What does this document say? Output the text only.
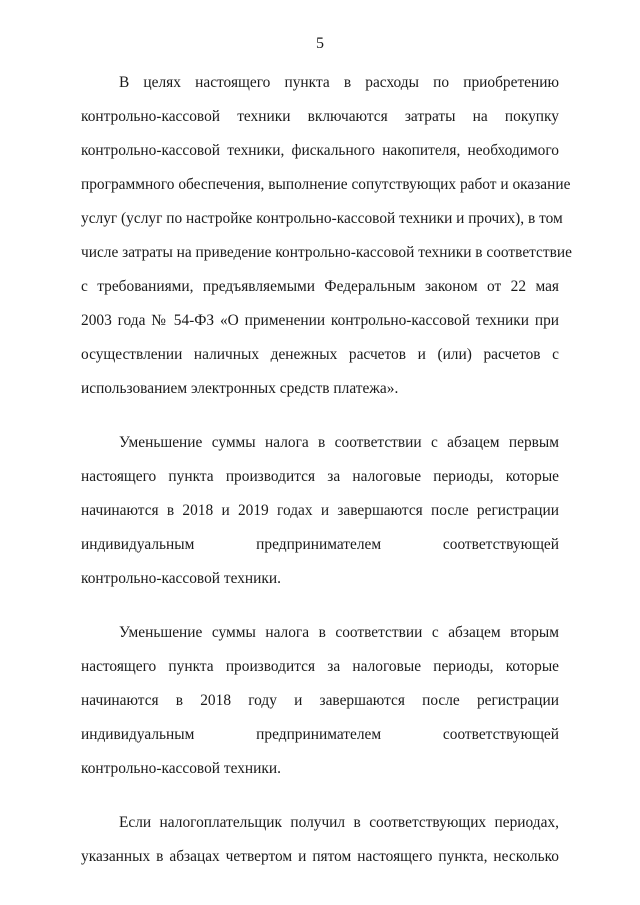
5
В целях настоящего пункта в расходы по приобретению
контрольно-кассовой техники включаются затраты на покупку
контрольно-кассовой техники, фискального накопителя, необходимого
программного обеспечения, выполнение сопутствующих работ и оказание
услуг (услуг по настройке контрольно-кассовой техники и прочих), в том
числе затраты на приведение контрольно-кассовой техники в соответствие
с требованиями, предъявляемыми Федеральным законом от 22 мая
2003 года № 54-ФЗ «О применении контрольно-кассовой техники при
осуществлении наличных денежных расчетов и (или) расчетов с
использованием электронных средств платежа».
Уменьшение суммы налога в соответствии с абзацем первым
настоящего пункта производится за налоговые периоды, которые
начинаются в 2018 и 2019 годах и завершаются после регистрации
индивидуальным предпринимателем соответствующей
контрольно-кассовой техники.
Уменьшение суммы налога в соответствии с абзацем вторым
настоящего пункта производится за налоговые периоды, которые
начинаются в 2018 году и завершаются после регистрации
индивидуальным предпринимателем соответствующей
контрольно-кассовой техники.
Если налогоплательщик получил в соответствующих периодах,
указанных в абзацах четвертом и пятом настоящего пункта, несколько
